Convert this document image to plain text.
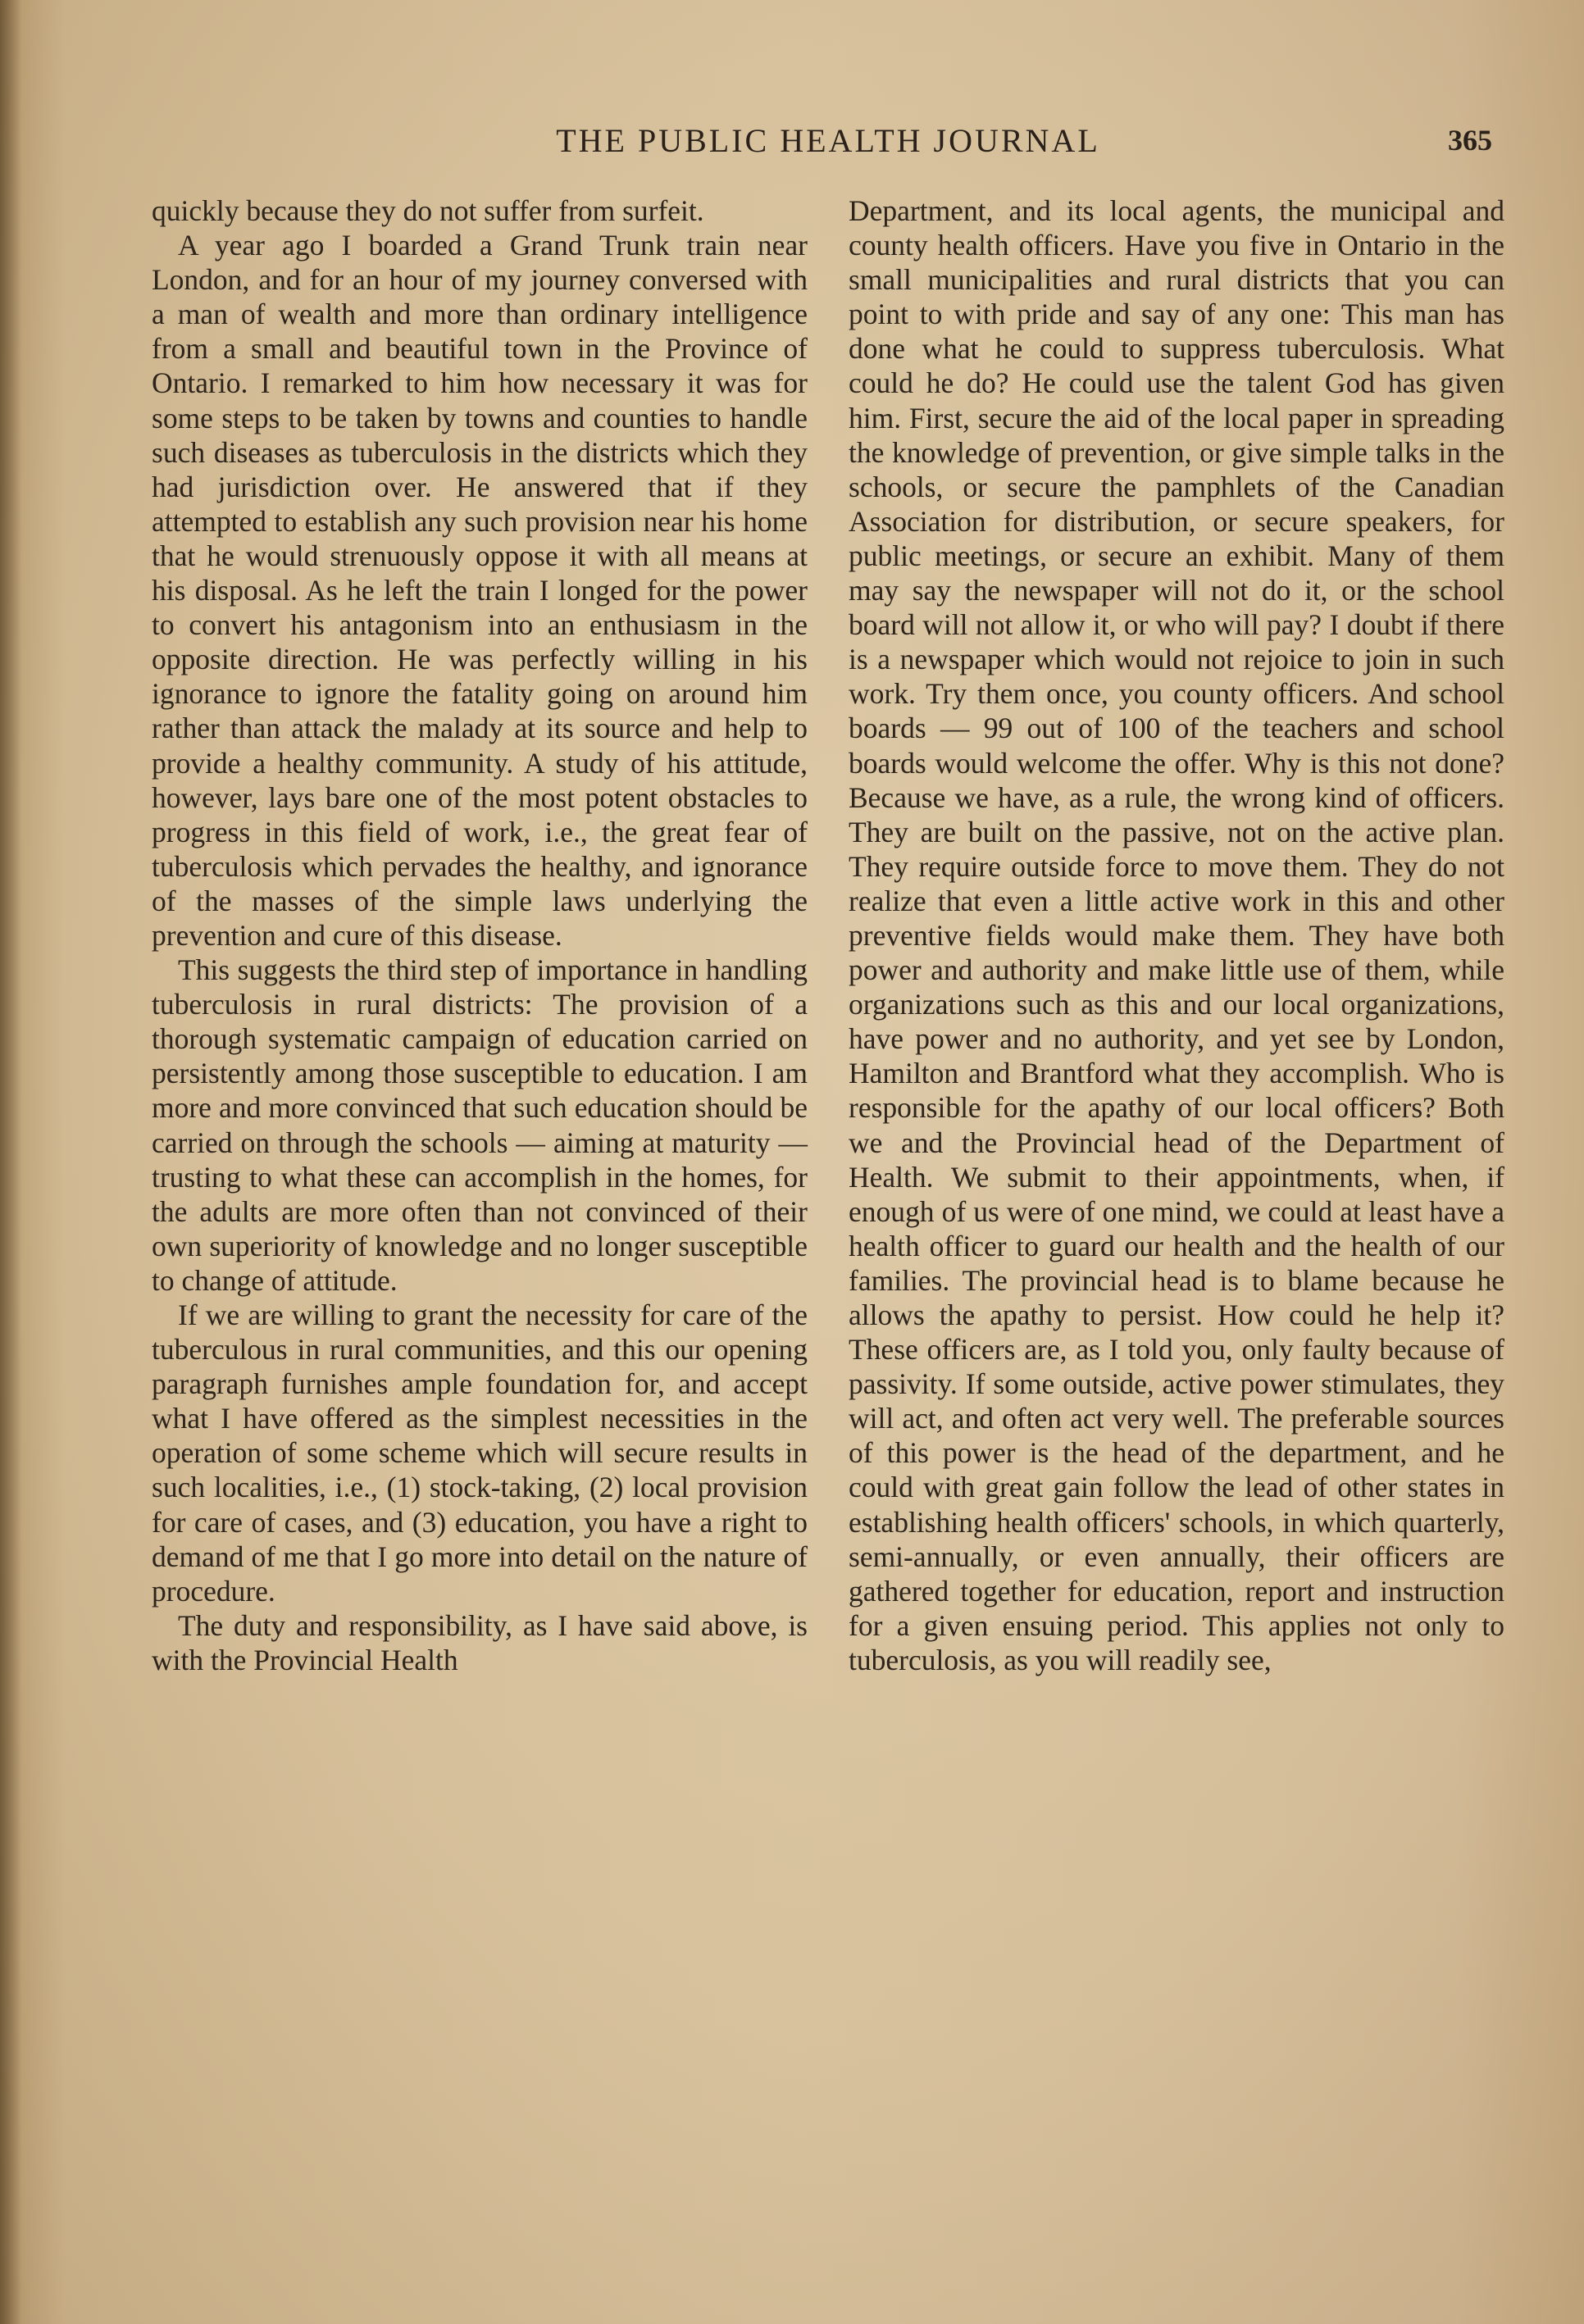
THE PUBLIC HEALTH JOURNAL	365

quickly because they do not suffer from surfeit.

A year ago I boarded a Grand Trunk train near London, and for an hour of my journey conversed with a man of wealth and more than ordinary intelligence from a small and beautiful town in the Province of Ontario. I remarked to him how necessary it was for some steps to be taken by towns and counties to handle such diseases as tuberculosis in the districts which they had jurisdiction over. He answered that if they attempted to establish any such provision near his home that he would strenuously oppose it with all means at his disposal. As he left the train I longed for the power to convert his antagonism into an enthusiasm in the opposite direction. He was perfectly willing in his ignorance to ignore the fatality going on around him rather than attack the malady at its source and help to provide a healthy community. A study of his attitude, however, lays bare one of the most potent obstacles to progress in this field of work, i.e., the great fear of tuberculosis which pervades the healthy, and ignorance of the masses of the simple laws underlying the prevention and cure of this disease.

This suggests the third step of importance in handling tuberculosis in rural districts: The provision of a thorough systematic campaign of education carried on persistently among those susceptible to education. I am more and more convinced that such education should be carried on through the schools — aiming at maturity — trusting to what these can accomplish in the homes, for the adults are more often than not convinced of their own superiority of knowledge and no longer susceptible to change of attitude.

If we are willing to grant the necessity for care of the tuberculous in rural communities, and this our opening paragraph furnishes ample foundation for, and accept what I have offered as the simplest necessities in the operation of some scheme which will secure results in such localities, i.e., (1) stock-taking, (2) local provision for care of cases, and (3) education, you have a right to demand of me that I go more into detail on the nature of procedure.

The duty and responsibility, as I have said above, is with the Provincial Health

Department, and its local agents, the municipal and county health officers. Have you five in Ontario in the small municipalities and rural districts that you can point to with pride and say of any one: This man has done what he could to suppress tuberculosis. What could he do? He could use the talent God has given him. First, secure the aid of the local paper in spreading the knowledge of prevention, or give simple talks in the schools, or secure the pamphlets of the Canadian Association for distribution, or secure speakers, for public meetings, or secure an exhibit. Many of them may say the newspaper will not do it, or the school board will not allow it, or who will pay? I doubt if there is a newspaper which would not rejoice to join in such work. Try them once, you county officers. And school boards — 99 out of 100 of the teachers and school boards would welcome the offer. Why is this not done? Because we have, as a rule, the wrong kind of officers. They are built on the passive, not on the active plan. They require outside force to move them. They do not realize that even a little active work in this and other preventive fields would make them. They have both power and authority and make little use of them, while organizations such as this and our local organizations, have power and no authority, and yet see by London, Hamilton and Brantford what they accomplish. Who is responsible for the apathy of our local officers? Both we and the Provincial head of the Department of Health. We submit to their appointments, when, if enough of us were of one mind, we could at least have a health officer to guard our health and the health of our families. The provincial head is to blame because he allows the apathy to persist. How could he help it? These officers are, as I told you, only faulty because of passivity. If some outside, active power stimulates, they will act, and often act very well. The preferable sources of this power is the head of the department, and he could with great gain follow the lead of other states in establishing health officers' schools, in which quarterly, semi-annually, or even annually, their officers are gathered together for education, report and instruction for a given ensuing period. This applies not only to tuberculosis, as you will readily see,
